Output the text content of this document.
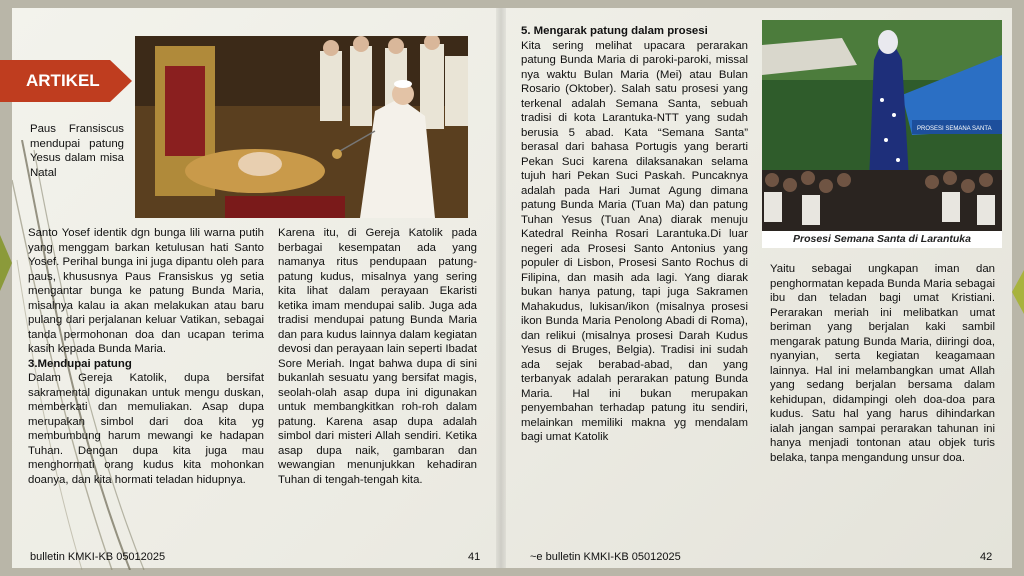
ARTIKEL
Paus Fransiscus mendupai patung Yesus dalam misa Natal

Santo Yosef identik dgn bunga lili warna putih yang menggam barkan ketulusan hati Santo Yosef. Perihal bunga ini juga dipantu oleh para paus, khususnya Paus Fransiskus yg setia mengantar bunga ke patung Bunda Maria, misalnya kalau ia akan melakukan atau baru pulang dari perjalanan keluar Vatikan, sebagai tanda permohonan doa dan ucapan terima kasih kepada Bunda Maria.

3.Mendupai patung

Dalam Gereja Katolik, dupa bersifat sakramental digunakan untuk mengu duskan, memberkati dan memuliakan. Asap dupa merupakan simbol dari doa kita yg membumbung harum mewangi ke hadapan Tuhan. Dengan dupa kita juga mau menghormati orang kudus kita mohonkan doanya, dan kita hormati teladan hidupnya.

Karena itu, di Gereja Katolik pada berbagai kesempatan ada yang namanya ritus pendupaan patung-patung kudus, misalnya yang sering kita lihat dalam perayaan Ekaristi ketika imam mendupai salib. Juga ada tradisi mendupai patung Bunda Maria dan para kudus lainnya dalam kegiatan devosi dan perayaan lain seperti Ibadat Sore Meriah. Ingat bahwa dupa di sini bukanlah sesuatu yang bersifat magis, seolah-olah asap dupa ini digunakan untuk membangkitkan roh-roh dalam patung. Karena asap dupa adalah simbol dari misteri Allah sendiri. Ketika asap dupa naik, gambaran dan wewangian menunjukkan kehadiran Tuhan di tengah-tengah kita.

5. Mengarak patung dalam prosesi

Kita sering melihat upacara perarakan patung Bunda Maria di paroki-paroki, missal nya waktu Bulan Maria (Mei) atau Bulan Rosario (Oktober). Salah satu prosesi yang terkenal adalah Semana Santa, sebuah tradisi di kota Larantuka-NTT yang sudah berusia 5 abad. Kata “Semana Santa” berasal dari bahasa Portugis yang berarti Pekan Suci karena dilaksanakan selama tujuh hari Pekan Suci Paskah. Puncaknya adalah pada Hari Jumat Agung dimana patung Bunda Maria (Tuan Ma) dan patung Tuhan Yesus (Tuan Ana) diarak menuju Katedral Reinha Rosari Larantuka.Di luar negeri ada Prosesi Santo Antonius yang populer di Lisbon, Prosesi Santo Rochus di Filipina, dan masih ada lagi. Yang diarak bukan hanya patung, tapi juga Sakramen Mahakudus, lukisan/ikon (misalnya prosesi ikon Bunda Maria Penolong Abadi di Roma), dan relikui (misalnya prosesi Darah Kudus Yesus di Bruges, Belgia). Tradisi ini sudah ada sejak berabad-abad, dan yang terbanyak adalah perarakan patung Bunda Maria. Hal ini bukan merupakan penyembahan terhadap patung itu sendiri, melainkan memiliki makna yg mendalam bagi umat Katolik

PROSESI SEMANA SANTA
Prosesi Semana Santa di Larantuka

Yaitu sebagai ungkapan iman dan penghormatan kepada Bunda Maria sebagai ibu dan teladan bagi umat Kristiani. Perarakan meriah ini melibatkan umat beriman yang berjalan kaki sambil mengarak patung Bunda Maria, diiringi doa, nyanyian, serta kegiatan keagamaan lainnya. Hal ini melambangkan umat Allah yang sedang berjalan bersama dalam kehidupan, didampingi oleh doa-doa para kudus. Satu hal yang harus dihindarkan ialah jangan sampai perarakan tahunan ini hanya menjadi tontonan atau objek turis belaka, tanpa mengandung unsur doa.

bulletin KMKI-KB 05012025	41	~e bulletin KMKI-KB 05012025	42
